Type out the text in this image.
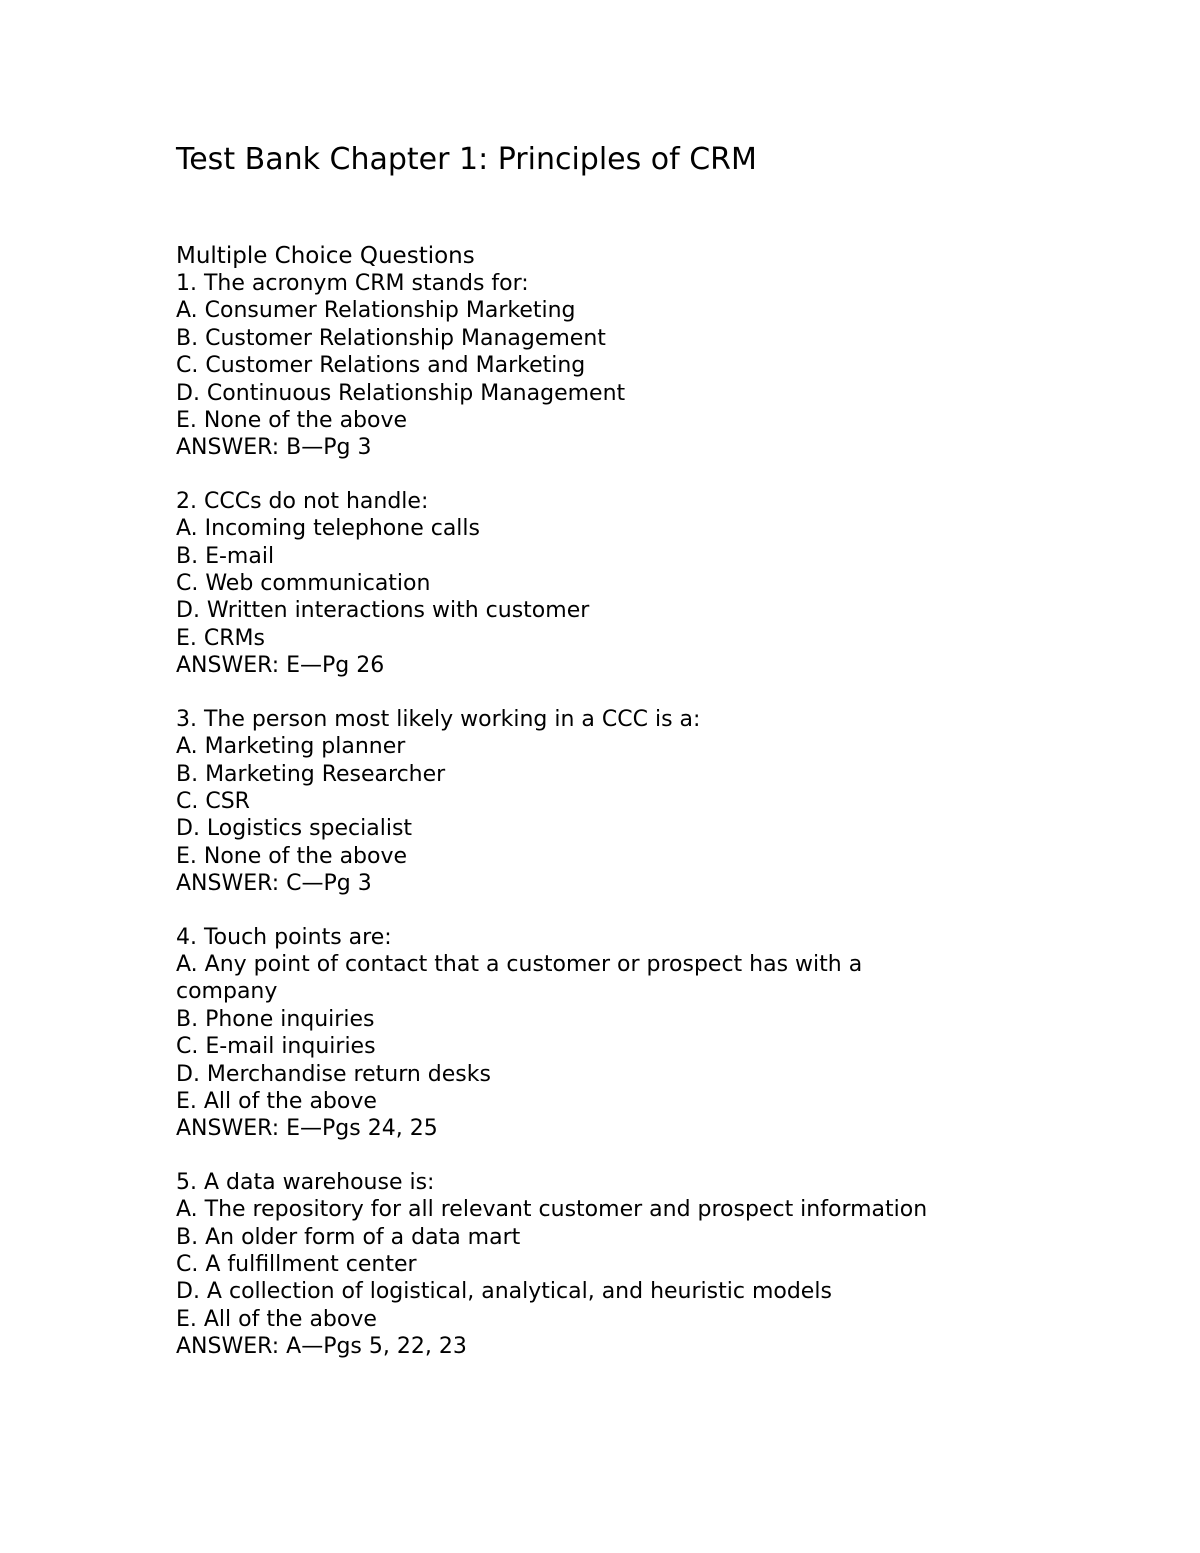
Test Bank Chapter 1: Principles of CRM
Multiple Choice Questions
1. The acronym CRM stands for:
A. Consumer Relationship Marketing
B. Customer Relationship Management
C. Customer Relations and Marketing
D. Continuous Relationship Management
E. None of the above
ANSWER: B—Pg 3
2. CCCs do not handle:
A. Incoming telephone calls
B. E-mail
C. Web communication
D. Written interactions with customer
E. CRMs
ANSWER: E—Pg 26
3. The person most likely working in a CCC is a:
A. Marketing planner
B. Marketing Researcher
C. CSR
D. Logistics specialist
E. None of the above
ANSWER: C—Pg 3
4. Touch points are:
A. Any point of contact that a customer or prospect has with a company
B. Phone inquiries
C. E-mail inquiries
D. Merchandise return desks
E. All of the above
ANSWER: E—Pgs 24, 25
5. A data warehouse is:
A. The repository for all relevant customer and prospect information
B. An older form of a data mart
C. A fulfillment center
D. A collection of logistical, analytical, and heuristic models
E. All of the above
ANSWER: A—Pgs 5, 22, 23
